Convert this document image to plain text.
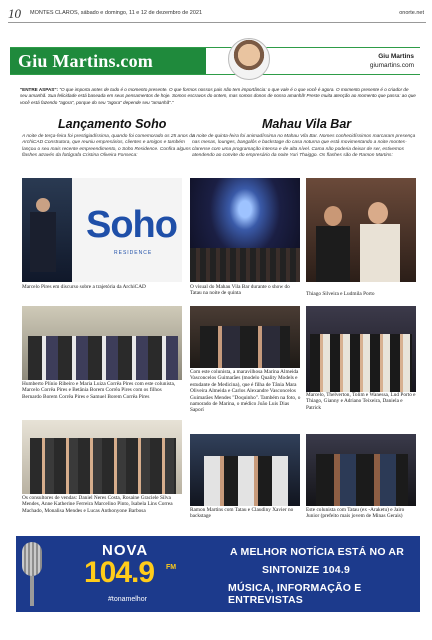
10 MONTES CLAROS, sábado e domingo, 11 e 12 de dezembro de 2021	onorte.net
Giu Martins.com	Giu Martins
giumartins.com
"ENTRE ASPAS": "O que importa antes de tudo é o momento presente. O que formos nossos pais não tem importância: o que vale é o que você é agora. O momento presente é o criador de seu amanhã. Sua felicidade está baseada em seus pensamentos de hoje. Somos escravos do ontem, mas somos donos de nosso amanhã! Preste muita atenção ao momento que passa: ao que você está fazendo "agora", porque do seu "agora" depende seu "amanhã"."
Lançamento Soho	Mahau Vila Bar
A noite de terça-feira foi prestigiadíssima, quando foi comemorado os 25 anos da ArchiCAD Construtora, que reuniu empresários, clientes e amigos e também lançou o seu mais recente empreendimento, o Soho Residence. Confira alguns flashes através da fotógrafa Cristina Oliveira Fonseca:
A noite de quinta-feira foi animadíssima no Mahau Vila Bar. Nomes conhecidíssimos marcaram presença nas mesas, lounges, bangalôs e backstage do casa noturna que está movimentando a noite montes-clarense com uma programação intensa e de alta nível. Cama não poderia deixar de ser, estivemos atendendo ao convite do empresário da noite Yuri Thaiggo. Os flashes são de Ramon Martins:
Soho
RESIDENCE
Marcelo Pires em discurso sobre a trajetória da ArchiCAD	O visual do Mahau Vila Bar durante o show do Tatau na noite de quinta	Thiago Silveira e Ludmila Porto
Humberto Plínio Ribeiro e Maria Luiza Corrêa Pires com este colunista, Marcelo Corrêa Pires e Betânia Borem Corrêa Pires com os filhos Bernardo Borem Corrêa Pires e Samuel Borem Corrêa Pires
Com este colunista, a maravilhosa Marina Almeida Vasconcelos Guimarães (modelo Quality Models e estudante de Medicina), que é filha de Tânia Mara Oliveira Almeida e Carlos Alexandre Vasconcelos Guimarães Mendes "Doquinho". Também na foto, o namorado de Marina, o médico João Luis Dias Saporí
Marcelo, Thelverton, Tolim e Wanessa, Lud Porto e Thiago, Gianny e Adriano Teixeira, Daniela e Patrick
Os consultores de vendas: Daniel Neres Costa, Rosaine Graciele Silva Mendes, Anne Katherine Ferreira Marcelino Pinto, Isabela Lins Correa Machado, Monalisa Mendes e Lucas Anthonyone Barbosa	Ramon Martins com Tatau e Claudiny Xavier no backstage
Este colunista com Tatau (ex -Araketu) e Jairo Junior (prefeito mais jovem de Minas Gerais)
NOVA
104.9 FM
#tonamelhor
A MELHOR NOTÍCIA ESTÁ NO AR
SINTONIZE 104.9
MÚSICA, INFORMAÇÃO E ENTREVISTAS
